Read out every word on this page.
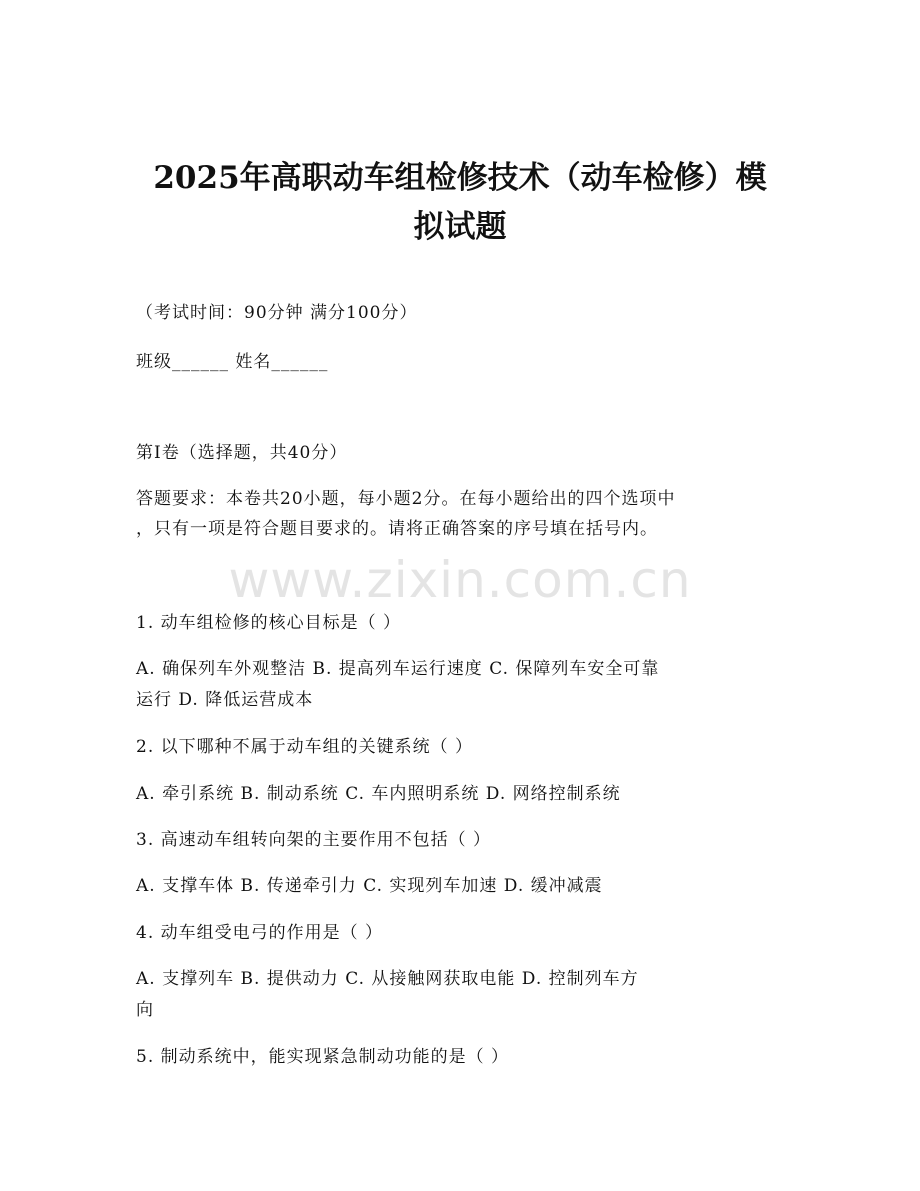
2025年高职动车组检修技术（动车检修）模
拟试题
（考试时间：90分钟 满分100分）
班级______ 姓名______
第I卷（选择题，共40分）
答题要求：本卷共20小题，每小题2分。在每小题给出的四个选项中
，只有一项是符合题目要求的。请将正确答案的序号填在括号内。
www.zixin.com.cn
1. 动车组检修的核心目标是（ ）
A. 确保列车外观整洁 B. 提高列车运行速度 C. 保障列车安全可靠
运行 D. 降低运营成本
2. 以下哪种不属于动车组的关键系统（ ）
A. 牵引系统 B. 制动系统 C. 车内照明系统 D. 网络控制系统
3. 高速动车组转向架的主要作用不包括（ ）
A. 支撑车体 B. 传递牵引力 C. 实现列车加速 D. 缓冲减震
4. 动车组受电弓的作用是（ ）
A. 支撑列车 B. 提供动力 C. 从接触网获取电能 D. 控制列车方
向
5. 制动系统中，能实现紧急制动功能的是（ ）
